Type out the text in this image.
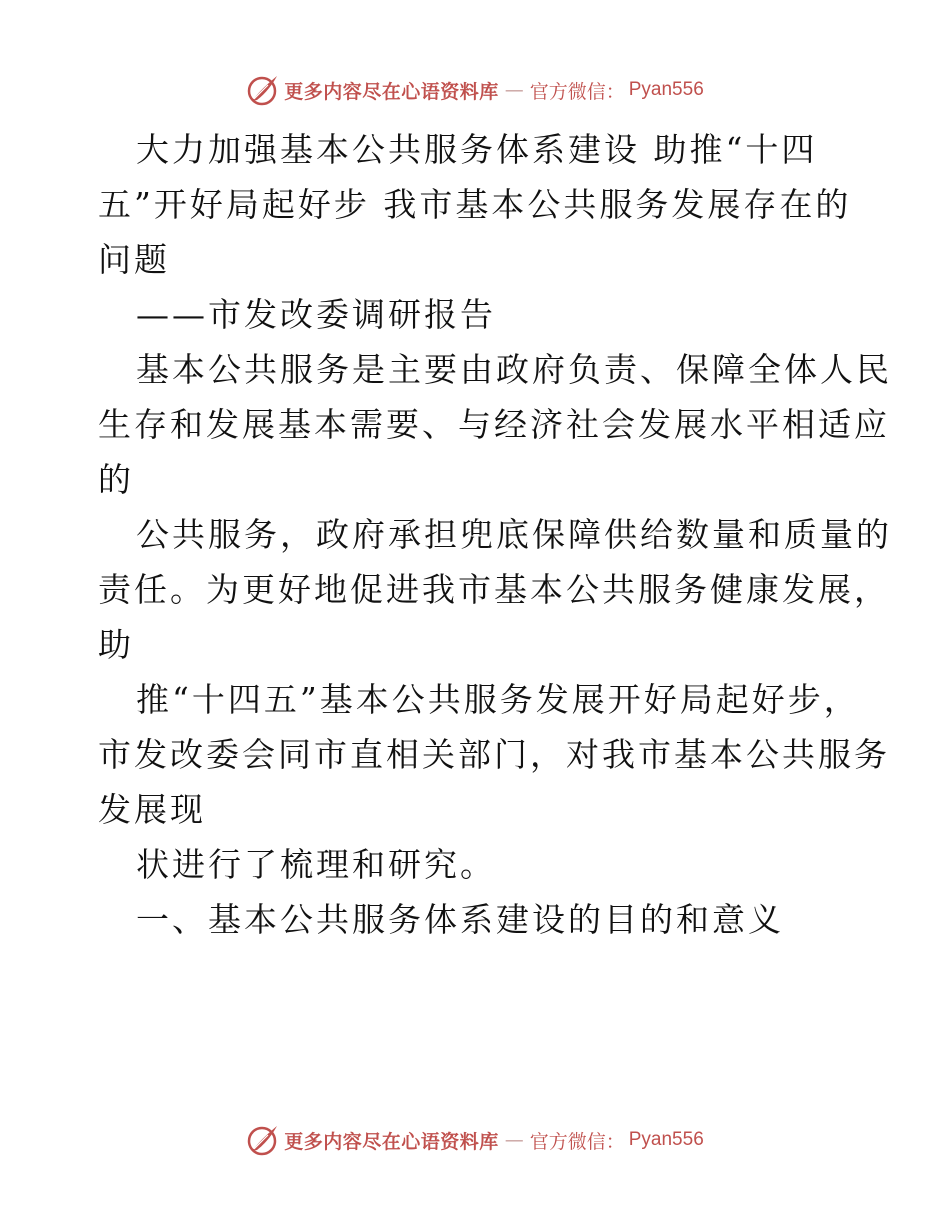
更多内容尽在心语资料库 — 官方微信： Pyan556

大力加强基本公共服务体系建设 助推“十四

五”开好局起好步 我市基本公共服务发展存在的

问题

——市发改委调研报告

基本公共服务是主要由政府负责、保障全体人民

生存和发展基本需要、与经济社会发展水平相适应

的

公共服务，政府承担兜底保障供给数量和质量的

责任。为更好地促进我市基本公共服务健康发展，

助

推“十四五”基本公共服务发展开好局起好步，

市发改委会同市直相关部门，对我市基本公共服务

发展现

状进行了梳理和研究。

一、基本公共服务体系建设的目的和意义

更多内容尽在心语资料库 — 官方微信： Pyan556
